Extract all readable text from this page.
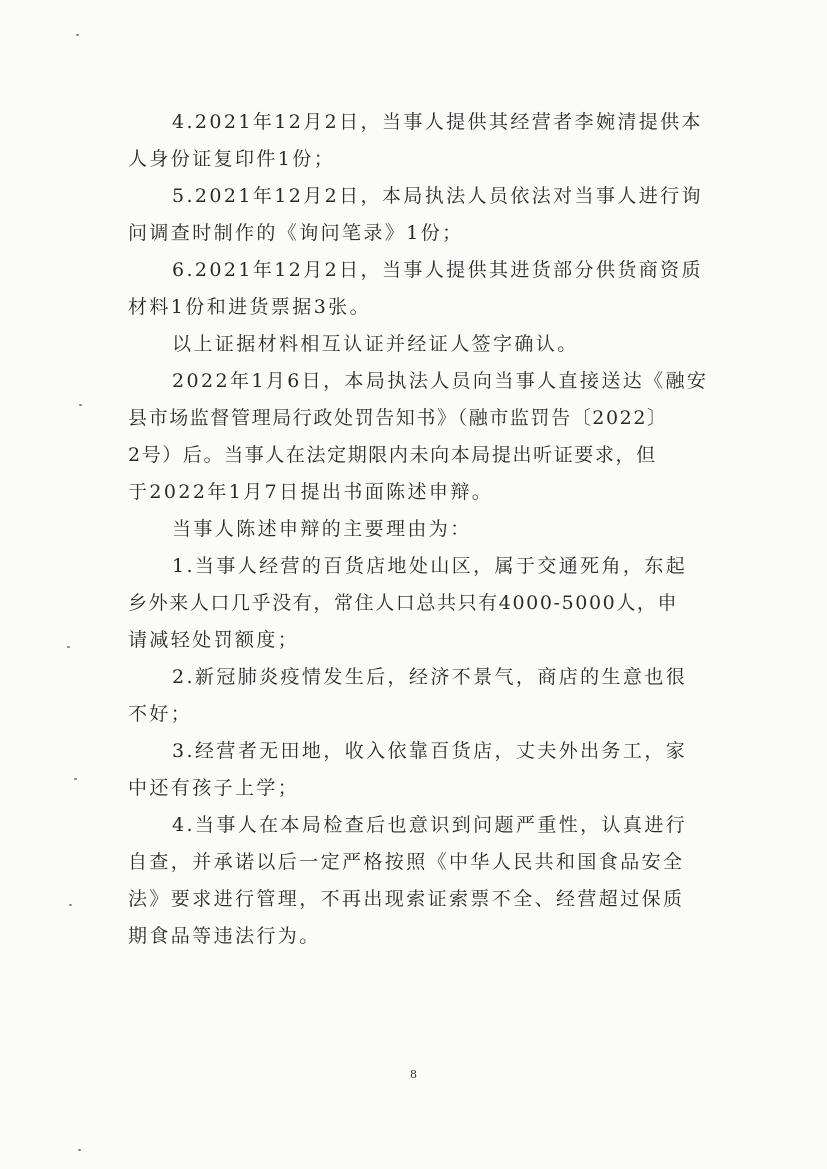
4.2021年12月2日，当事人提供其经营者李婉清提供本
人身份证复印件1份；
5.2021年12月2日，本局执法人员依法对当事人进行询
问调查时制作的《询问笔录》1份；
6.2021年12月2日，当事人提供其进货部分供货商资质
材料1份和进货票据3张。
以上证据材料相互认证并经证人签字确认。
2022年1月6日，本局执法人员向当事人直接送达《融安
县市场监督管理局行政处罚告知书》（融市监罚告〔2022〕
2号）后。当事人在法定期限内未向本局提出听证要求，但
于2022年1月7日提出书面陈述申辩。
当事人陈述申辩的主要理由为：
1.当事人经营的百货店地处山区，属于交通死角，东起
乡外来人口几乎没有，常住人口总共只有4000-5000人，申
请减轻处罚额度；
2.新冠肺炎疫情发生后，经济不景气，商店的生意也很
不好；
3.经营者无田地，收入依靠百货店，丈夫外出务工，家
中还有孩子上学；
4.当事人在本局检查后也意识到问题严重性，认真进行
自查，并承诺以后一定严格按照《中华人民共和国食品安全
法》要求进行管理，不再出现索证索票不全、经营超过保质
期食品等违法行为。
8
